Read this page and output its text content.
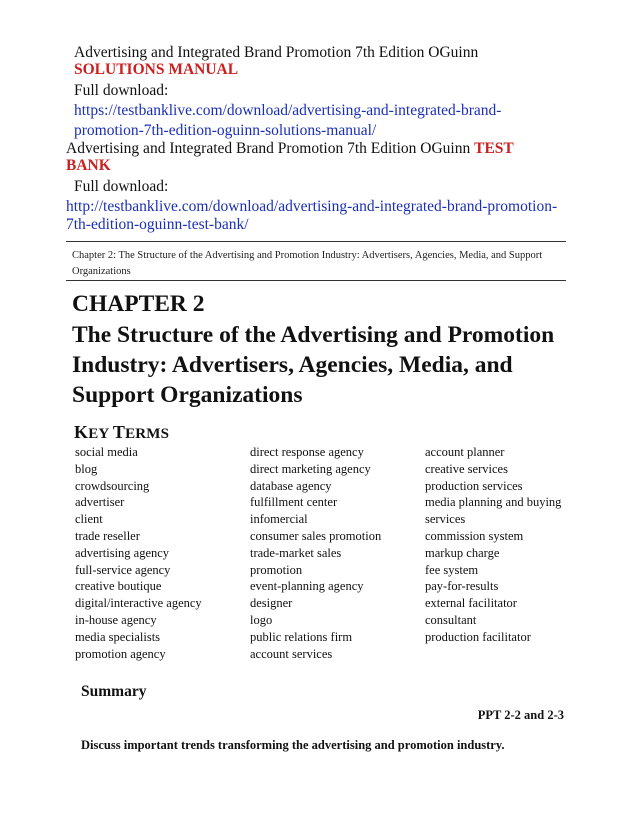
Advertising and Integrated Brand Promotion 7th Edition OGuinn
SOLUTIONS MANUAL
Full download:
https://testbanklive.com/download/advertising-and-integrated-brand-
promotion-7th-edition-oguinn-solutions-manual/
Advertising and Integrated Brand Promotion 7th Edition OGuinn TEST
BANK
Full download:
http://testbanklive.com/download/advertising-and-integrated-brand-promotion-
7th-edition-oguinn-test-bank/
Chapter 2: The Structure of the Advertising and Promotion Industry: Advertisers, Agencies, Media, and Support
Organizations
CHAPTER 2
The Structure of the Advertising and Promotion
Industry: Advertisers, Agencies, Media, and
Support Organizations
KEY TERMS
social media
blog
crowdsourcing
advertiser
client
trade reseller
advertising agency
full-service agency
creative boutique
digital/interactive agency
in-house agency
media specialists
promotion agency
direct response agency
direct marketing agency
database agency
fulfillment center
infomercial
consumer sales promotion
trade-market sales
promotion
event-planning agency
designer
logo
public relations firm
account services
account planner
creative services
production services
media planning and buying
services
commission system
markup charge
fee system
pay-for-results
external facilitator
consultant
production facilitator
Summary
PPT 2-2 and 2-3
Discuss important trends transforming the advertising and promotion industry.
